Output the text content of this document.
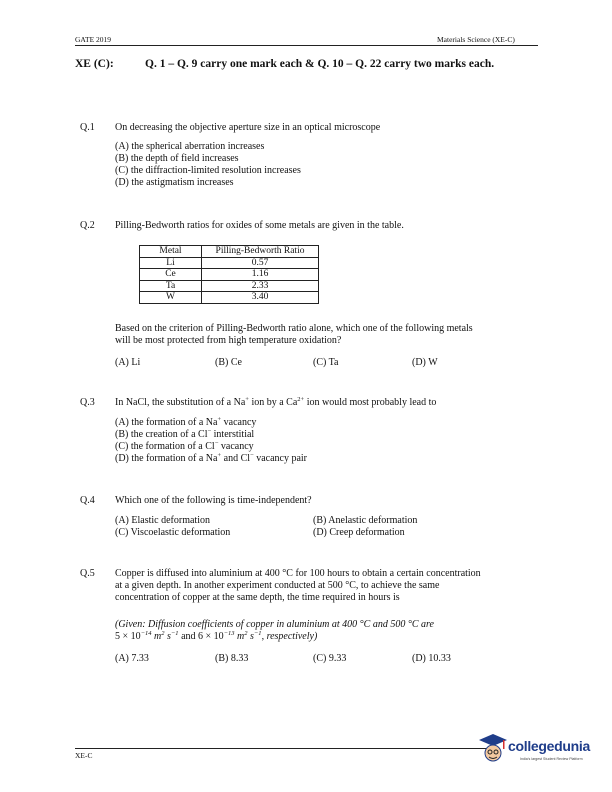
GATE 2019	Materials Science (XE-C)
XE (C):	Q. 1 – Q. 9 carry one mark each & Q. 10 – Q. 22 carry two marks each.
Q.1 On decreasing the objective aperture size in an optical microscope
(A) the spherical aberration increases
(B) the depth of field increases
(C) the diffraction-limited resolution increases
(D) the astigmatism increases
Q.2 Pilling-Bedworth ratios for oxides of some metals are given in the table.
Metal	Pilling-Bedworth Ratio
Li	0.57
Ce	1.16
Ta	2.33
W	3.40
Based on the criterion of Pilling-Bedworth ratio alone, which one of the following metals
will be most protected from high temperature oxidation?
(A) Li	(B) Ce	(C) Ta	(D) W
Q.3 In NaCl, the substitution of a Na+ ion by a $Ca^{2+}$ ion would most probably lead to
(A) the formation of a Na+ vacancy
(B) the creation of a Cl− interstitial
(C) the formation of a Cl− vacancy
(D) the formation of a Na+ and Cl− vacancy pair
Q.4 Which one of the following is time-independent?
(A) Elastic deformation	(B) Anelastic deformation
(C) Viscoelastic deformation	(D) Creep deformation
Q.5 Copper is diffused into aluminium at 400 °C for 100 hours to obtain a certain concentration
at a given depth. In another experiment conducted at 500 °C, to achieve the same
concentration of copper at the same depth, the time required in hours is
(Given: Diffusion coefficients of copper in aluminium at 400 °C and 500 °C are
$5 \times 10^{-14}$ $m^2$ $s^{-1}$ and $6 \times 10^{-13}$ $m^2$ $s^{-1}$, respectively)
(A) 7.33	(B) 8.33	(C) 9.33	(D) 10.33
XE-C
collegedunia
India's largest Student Review Platform
